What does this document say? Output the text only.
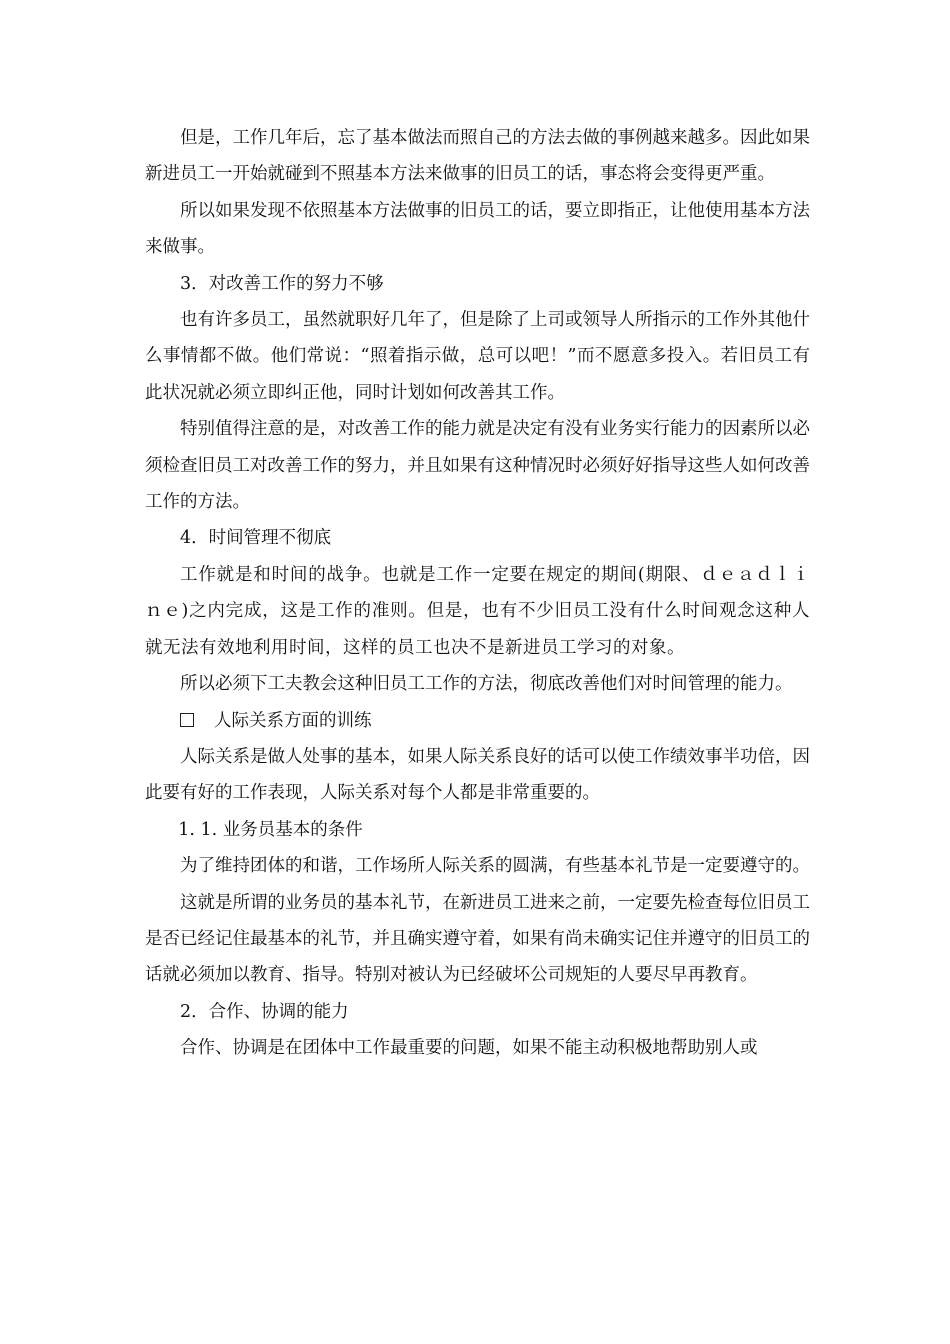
但是，工作几年后，忘了基本做法而照自己的方法去做的事例越来越多。因此如果新进员工一开始就碰到不照基本方法来做事的旧员工的话，事态将会变得更严重。

所以如果发现不依照基本方法做事的旧员工的话，要立即指正，让他使用基本方法来做事。

3．对改善工作的努力不够

也有许多员工，虽然就职好几年了，但是除了上司或领导人所指示的工作外其他什么事情都不做。他们常说：“照着指示做，总可以吧！”而不愿意多投入。若旧员工有此状况就必须立即纠正他，同时计划如何改善其工作。

特别值得注意的是，对改善工作的能力就是决定有没有业务实行能力的因素所以必须检查旧员工对改善工作的努力，并且如果有这种情况时必须好好指导这些人如何改善工作的方法。

4．时间管理不彻底

工作就是和时间的战争。也就是工作一定要在规定的期间(期限、ｄｅａｄｌｉｎｅ)之内完成，这是工作的准则。但是，也有不少旧员工没有什么时间观念这种人就无法有效地利用时间，这样的员工也决不是新进员工学习的对象。

所以必须下工夫教会这种旧员工工作的方法，彻底改善他们对时间管理的能力。

人际关系方面的训练

人际关系是做人处事的基本，如果人际关系良好的话可以使工作绩效事半功倍，因此要有好的工作表现，人际关系对每个人都是非常重要的。

1. 1. 业务员基本的条件

为了维持团体的和谐，工作场所人际关系的圆满，有些基本礼节是一定要遵守的。

这就是所谓的业务员的基本礼节，在新进员工进来之前，一定要先检查每位旧员工是否已经记住最基本的礼节，并且确实遵守着，如果有尚未确实记住并遵守的旧员工的话就必须加以教育、指导。特别对被认为已经破坏公司规矩的人要尽早再教育。

2．合作、协调的能力

合作、协调是在团体中工作最重要的问题，如果不能主动积极地帮助别人或
